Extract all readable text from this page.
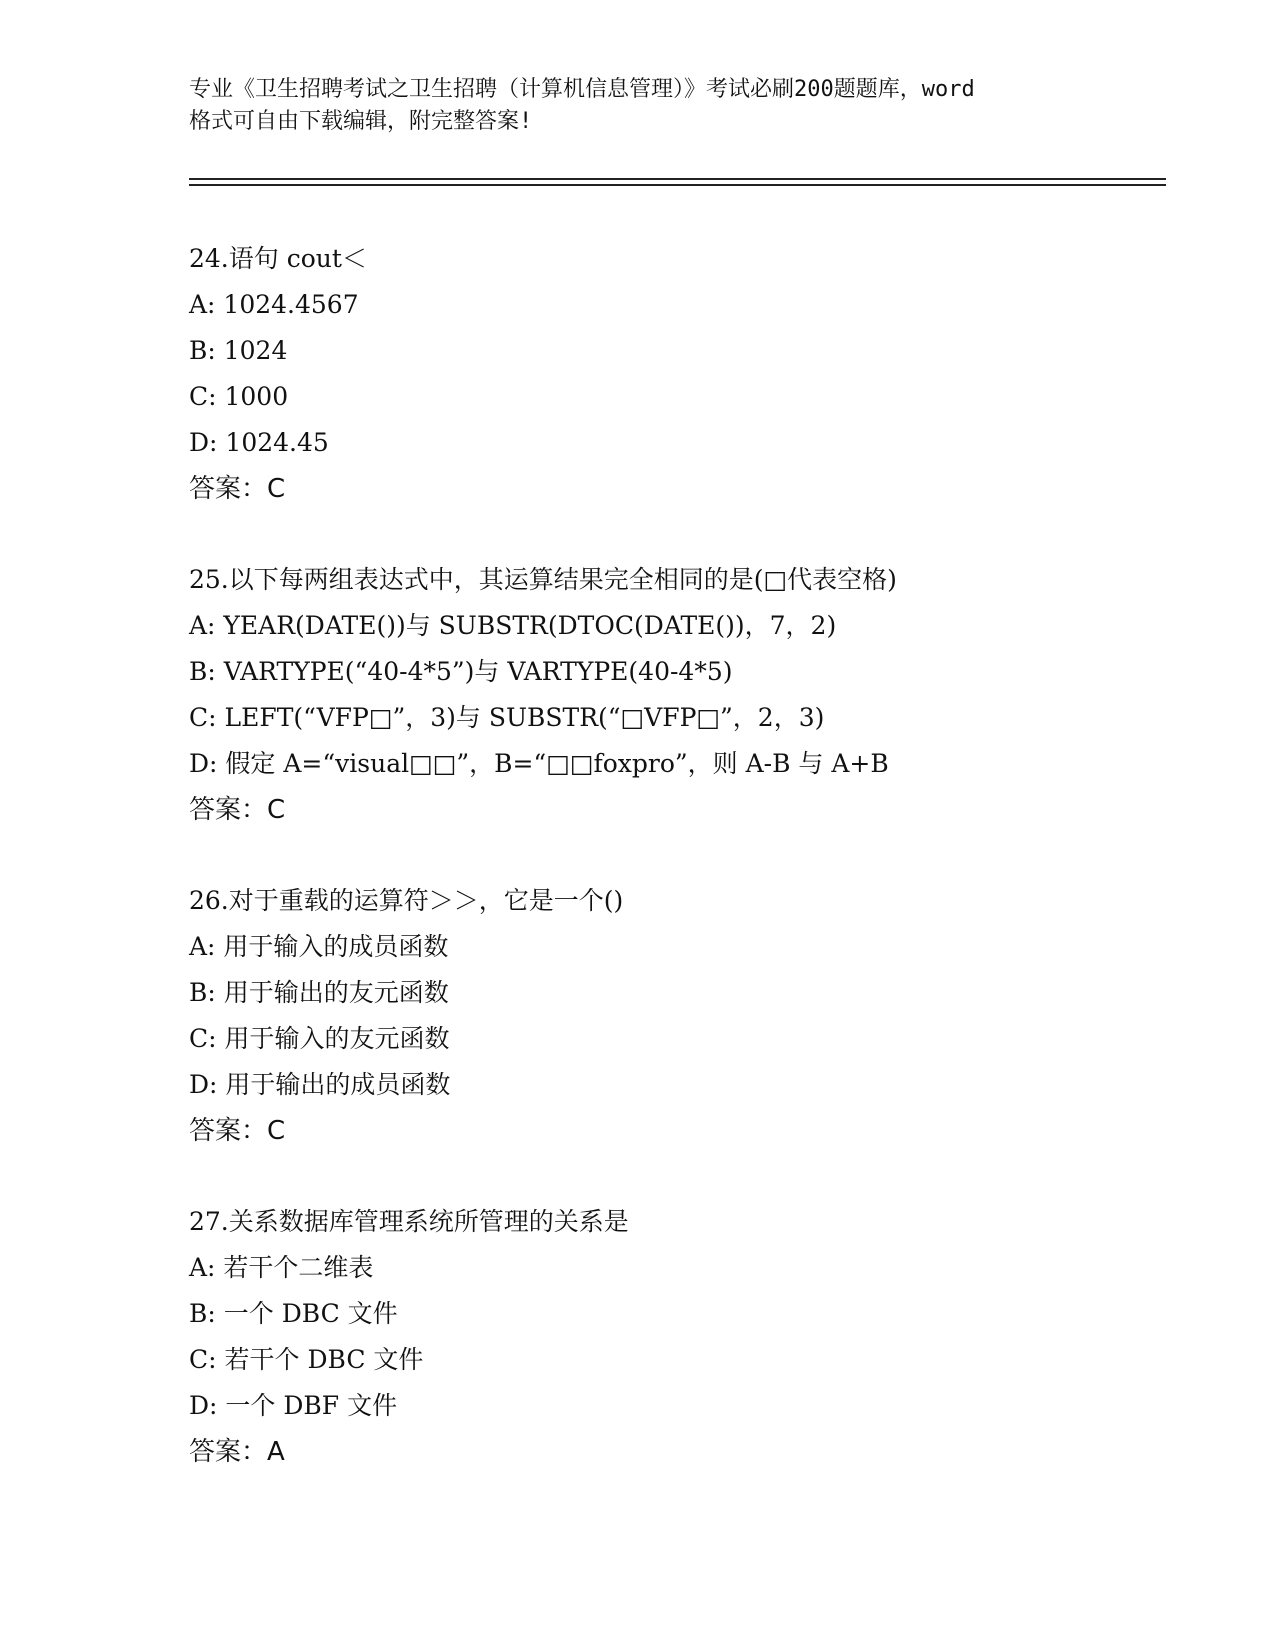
专业《卫生招聘考试之卫生招聘（计算机信息管理）》考试必刷200题题库，word
格式可自由下载编辑，附完整答案!
24.语句 cout＜
A: 1024.4567
B: 1024
C: 1000
D: 1024.45
答案：C
25.以下每两组表达式中，其运算结果完全相同的是(□代表空格)
A: YEAR(DATE())与 SUBSTR(DTOC(DATE())，7，2)
B: VARTYPE(“40-4*5”)与 VARTYPE(40-4*5)
C: LEFT(“VFP□”，3)与 SUBSTR(“□VFP□”，2，3)
D: 假定 A=“visual□□”，B=“□□foxpro”，则 A-B 与 A+B
答案：C
26.对于重载的运算符＞＞，它是一个()
A: 用于输入的成员函数
B: 用于输出的友元函数
C: 用于输入的友元函数
D: 用于输出的成员函数
答案：C
27.关系数据库管理系统所管理的关系是
A: 若干个二维表
B: 一个 DBC 文件
C: 若干个 DBC 文件
D: 一个 DBF 文件
答案：A
